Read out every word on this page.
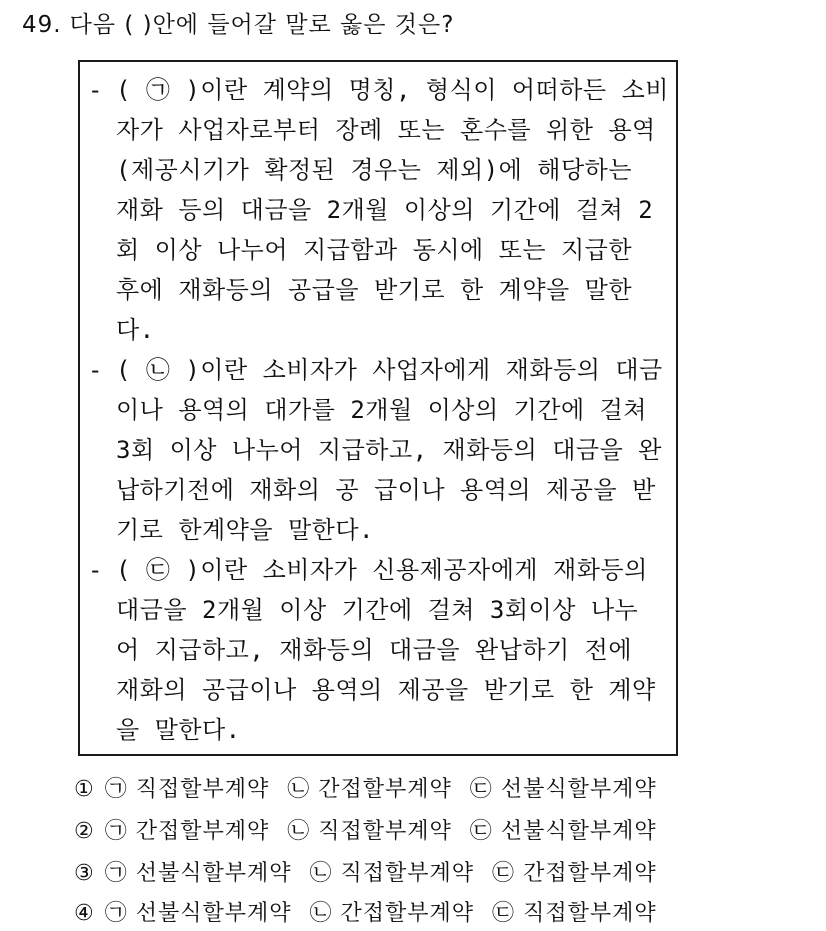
49. 다음 ( )안에 들어갈 말로 옳은 것은?
-
-
-
( ㉠ )이란 계약의 명칭, 형식이 어떠하든 소비
자가 사업자로부터 장례 또는 혼수를 위한 용역
(제공시기가 확정된 경우는 제외)에 해당하는
재화 등의 대금을 2개월 이상의 기간에 걸쳐 2
회 이상 나누어 지급함과 동시에 또는 지급한
후에 재화등의 공급을 받기로 한 계약을 말한
다.
( ㉡ )이란 소비자가 사업자에게 재화등의 대금
이나 용역의 대가를 2개월 이상의 기간에 걸쳐
3회 이상 나누어 지급하고, 재화등의 대금을 완
납하기전에 재화의 공 급이나 용역의 제공을 받
기로 한계약을 말한다.
( ㉢ )이란 소비자가 신용제공자에게 재화등의
대금을 2개월 이상 기간에 걸쳐 3회이상 나누
어 지급하고, 재화등의 대금을 완납하기 전에
재화의 공급이나 용역의 제공을 받기로 한 계약
을 말한다.
① ㉠ 직접할부계약 ㉡ 간접할부계약 ㉢ 선불식할부계약
② ㉠ 간접할부계약 ㉡ 직접할부계약 ㉢ 선불식할부계약
③ ㉠ 선불식할부계약 ㉡ 직접할부계약 ㉢ 간접할부계약
④ ㉠ 선불식할부계약 ㉡ 간접할부계약 ㉢ 직접할부계약
